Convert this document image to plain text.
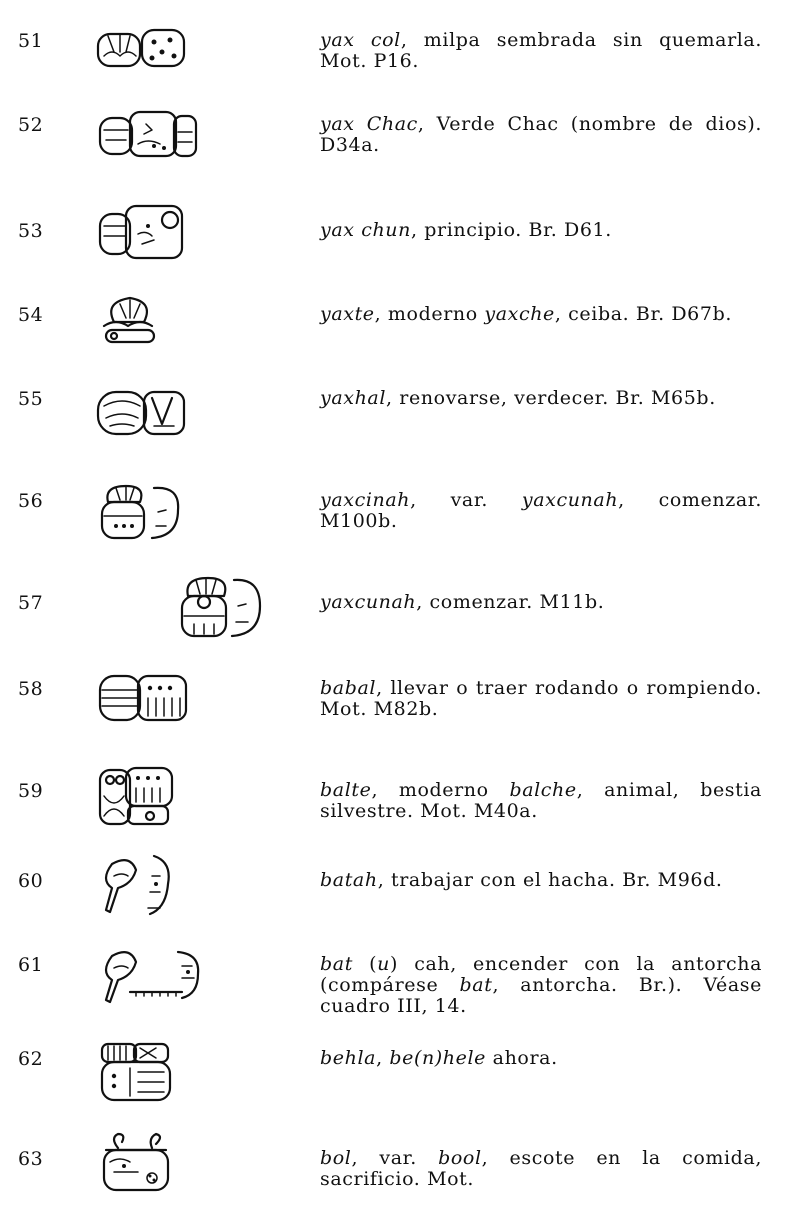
51	yax col, milpa sembrada sin quemarla. Mot. P16.
52	yax Chac, Verde Chac (nombre de dios). D34a.
53	yax chun, principio. Br. D61.
54	yaxte, moderno yaxche, ceiba. Br. D67b.
55	yaxhal, renovarse, verdecer. Br. M65b.
56	yaxcinah, var. yaxcunah, comenzar. M100b.
57	yaxcunah, comenzar. M11b.
58	babal, llevar o traer rodando o rompiendo. Mot. M82b.
59	balte, moderno balche, animal, bestia silvestre. Mot. M40a.
60	batah, trabajar con el hacha. Br. M96d.
61	bat (u) cah, encender con la antorcha (compárese bat, antorcha. Br.). Véase cuadro III, 14.
62	behla, be(n)hele ahora.
63	bol, var. bool, escote en la comida, sacrificio. Mot.
